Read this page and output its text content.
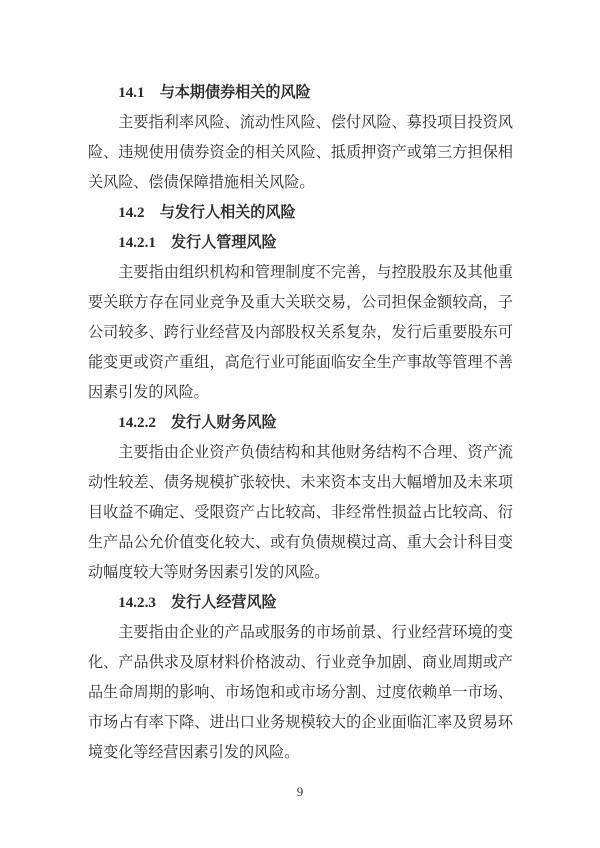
14.1　与本期债券相关的风险

主要指利率风险、流动性风险、偿付风险、募投项目投资风险、违规使用债券资金的相关风险、抵质押资产或第三方担保相关风险、偿债保障措施相关风险。

14.2　与发行人相关的风险
14.2.1　发行人管理风险

主要指由组织机构和管理制度不完善，与控股股东及其他重要关联方存在同业竞争及重大关联交易，公司担保金额较高，子公司较多、跨行业经营及内部股权关系复杂，发行后重要股东可能变更或资产重组，高危行业可能面临安全生产事故等管理不善因素引发的风险。

14.2.2　发行人财务风险

主要指由企业资产负债结构和其他财务结构不合理、资产流动性较差、债务规模扩张较快、未来资本支出大幅增加及未来项目收益不确定、受限资产占比较高、非经常性损益占比较高、衍生产品公允价值变化较大、或有负债规模过高、重大会计科目变动幅度较大等财务因素引发的风险。

14.2.3　发行人经营风险

主要指由企业的产品或服务的市场前景、行业经营环境的变化、产品供求及原材料价格波动、行业竞争加剧、商业周期或产品生命周期的影响、市场饱和或市场分割、过度依赖单一市场、市场占有率下降、进出口业务规模较大的企业面临汇率及贸易环境变化等经营因素引发的风险。

9
